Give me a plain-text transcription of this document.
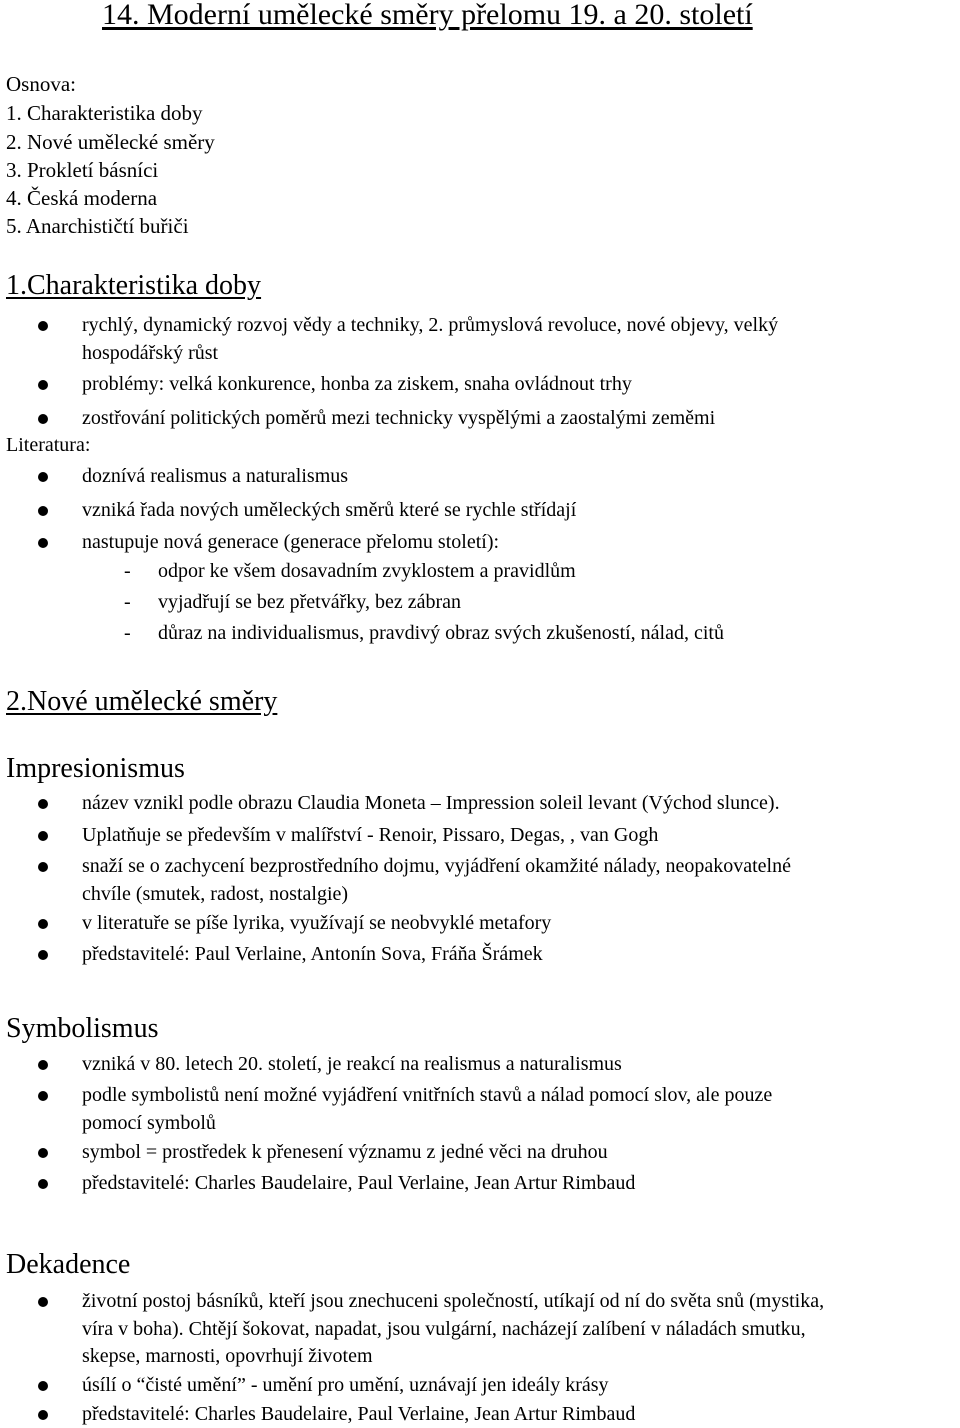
14. Moderní umělecké směry přelomu 19. a 20. století
Osnova:
1. Charakteristika doby
2. Nové umělecké směry
3. Prokletí básníci
4. Česká moderna
5. Anarchističtí buřiči
1.Charakteristika doby
rychlý, dynamický rozvoj vědy a techniky, 2. průmyslová revoluce, nové objevy, velký
hospodářský růst
problémy: velká konkurence, honba za ziskem, snaha ovládnout trhy
zostřování politických poměrů mezi technicky vyspělými a zaostalými zeměmi
Literatura:
doznívá realismus a naturalismus
vzniká řada nových uměleckých směrů které se rychle střídají
nastupuje nová generace (generace přelomu století):
- odpor ke všem dosavadním zvyklostem a pravidlům
- vyjadřují se bez přetvářky, bez zábran
- důraz na individualismus, pravdivý obraz svých zkušeností, nálad, citů
2.Nové umělecké směry
Impresionismus
název vznikl podle obrazu Claudia Moneta – Impression soleil levant (Východ slunce).
Uplatňuje se především v malířství - Renoir, Pissaro, Degas, , van Gogh
snaží se o zachycení bezprostředního dojmu, vyjádření okamžité nálady, neopakovatelné
chvíle (smutek, radost, nostalgie)
v literatuře se píše lyrika, využívají se neobvyklé metafory
představitelé: Paul Verlaine, Antonín Sova, Fráňa Šrámek
Symbolismus
vzniká v 80. letech 20. století, je reakcí na realismus a naturalismus
podle symbolistů není možné vyjádření vnitřních stavů a nálad pomocí slov, ale pouze
pomocí symbolů
symbol = prostředek k přenesení významu z jedné věci na druhou
představitelé: Charles Baudelaire, Paul Verlaine, Jean Artur Rimbaud
Dekadence
životní postoj básníků, kteří jsou znechuceni společností, utíkají od ní do světa snů (mystika,
víra v boha). Chtějí šokovat, napadat, jsou vulgární, nacházejí zalíbení v náladách smutku,
skepse, marnosti, opovrhují životem
úsílí o “čisté umění” - umění pro umění, uznávají jen ideály krásy
představitelé: Charles Baudelaire, Paul Verlaine, Jean Artur Rimbaud
